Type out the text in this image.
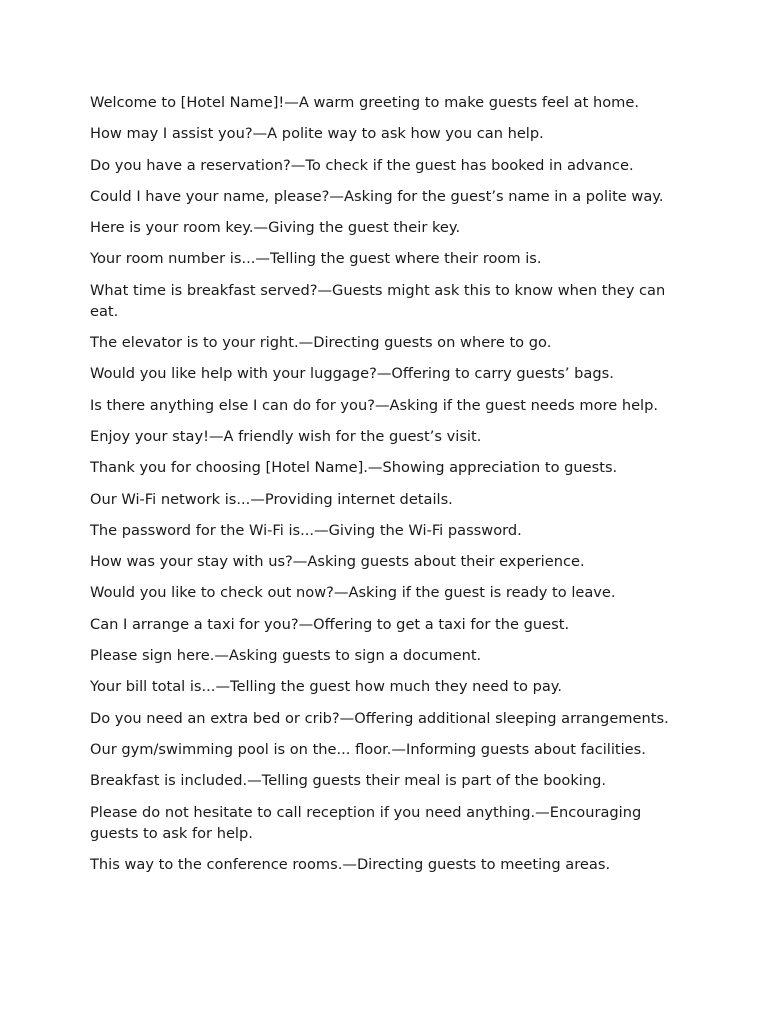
Welcome to [Hotel Name]!—A warm greeting to make guests feel at home.

How may I assist you?—A polite way to ask how you can help.

Do you have a reservation?—To check if the guest has booked in advance.

Could I have your name, please?—Asking for the guest’s name in a polite way.

Here is your room key.—Giving the guest their key.

Your room number is...—Telling the guest where their room is.

What time is breakfast served?—Guests might ask this to know when they can eat.

The elevator is to your right.—Directing guests on where to go.

Would you like help with your luggage?—Offering to carry guests’ bags.

Is there anything else I can do for you?—Asking if the guest needs more help.

Enjoy your stay!—A friendly wish for the guest’s visit.

Thank you for choosing [Hotel Name].—Showing appreciation to guests.

Our Wi-Fi network is...—Providing internet details.

The password for the Wi-Fi is...—Giving the Wi-Fi password.

How was your stay with us?—Asking guests about their experience.

Would you like to check out now?—Asking if the guest is ready to leave.

Can I arrange a taxi for you?—Offering to get a taxi for the guest.

Please sign here.—Asking guests to sign a document.

Your bill total is...—Telling the guest how much they need to pay.

Do you need an extra bed or crib?—Offering additional sleeping arrangements.

Our gym/swimming pool is on the... floor.—Informing guests about facilities.

Breakfast is included.—Telling guests their meal is part of the booking.

Please do not hesitate to call reception if you need anything.—Encouraging guests to ask for help.

This way to the conference rooms.—Directing guests to meeting areas.
